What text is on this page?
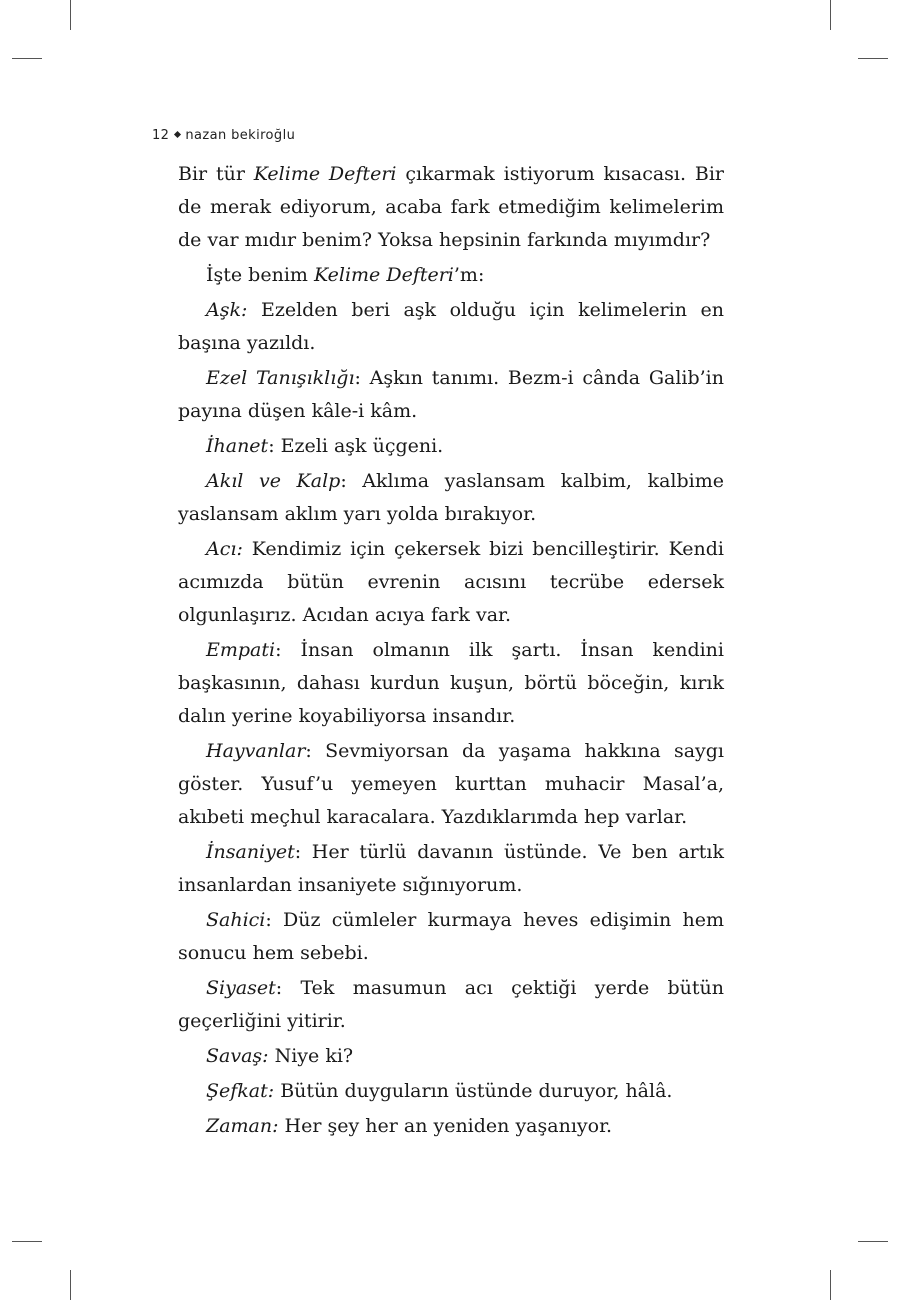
12 nazan bekiroğlu

Bir tür Kelime Defteri çıkarmak istiyorum kısacası. Bir de merak ediyorum, acaba fark etmediğim kelimelerim de var mıdır benim? Yoksa hepsinin farkında mıyımdır?

İşte benim Kelime Defteri’m:

Aşk: Ezelden beri aşk olduğu için kelimelerin en başına yazıldı.

Ezel Tanışıklığı: Aşkın tanımı. Bezm-i cânda Galib’in payına düşen kâle-i kâm.

İhanet: Ezeli aşk üçgeni.

Akıl ve Kalp: Aklıma yaslansam kalbim, kalbime yaslansam aklım yarı yolda bırakıyor.

Acı: Kendimiz için çekersek bizi bencilleştirir. Kendi acımızda bütün evrenin acısını tecrübe edersek olgunlaşırız. Acıdan acıya fark var.

Empati: İnsan olmanın ilk şartı. İnsan kendini başkasının, dahası kurdun kuşun, börtü böceğin, kırık dalın yerine koyabiliyorsa insandır.

Hayvanlar: Sevmiyorsan da yaşama hakkına saygı göster. Yusuf’u yemeyen kurttan muhacir Masal’a, akıbeti meçhul karacalara. Yazdıklarımda hep varlar.

İnsaniyet: Her türlü davanın üstünde. Ve ben artık insanlardan insaniyete sığınıyorum.

Sahici: Düz cümleler kurmaya heves edişimin hem sonucu hem sebebi.

Siyaset: Tek masumun acı çektiği yerde bütün geçerliğini yitirir.

Savaş: Niye ki?

Şefkat: Bütün duyguların üstünde duruyor, hâlâ.

Zaman: Her şey her an yeniden yaşanıyor.
